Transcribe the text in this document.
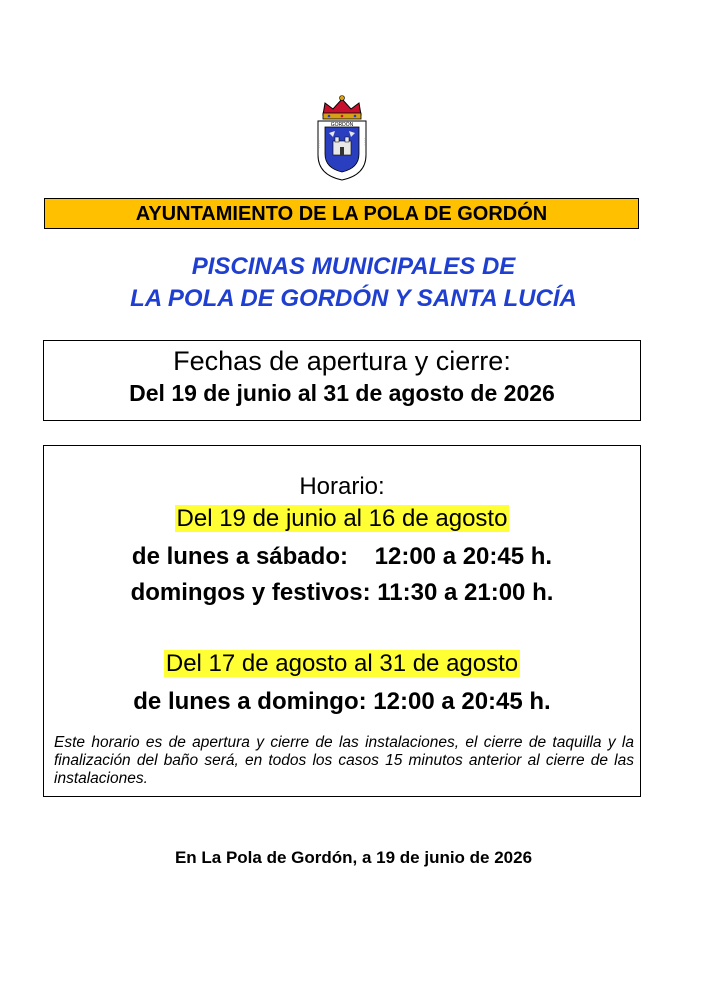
GORDÓN
· · · ·	· · · ·
AYUNTAMIENTO DE LA POLA DE GORDÓN
PISCINAS MUNICIPALES DE
LA POLA DE GORDÓN Y SANTA LUCÍA
Fechas de apertura y cierre:
Del 19 de junio al 31 de agosto de 2026
Horario:
Del 19 de junio al 16 de agosto
de lunes a sábado:    12:00 a 20:45 h.
domingos y festivos: 11:30 a 21:00 h.
Del 17 de agosto al 31 de agosto
de lunes a domingo: 12:00 a 20:45 h.
Este horario es de apertura y cierre de las instalaciones, el cierre de taquilla y la finalización del baño será, en todos los casos 15 minutos anterior al cierre de las instalaciones.
En La Pola de Gordón, a 19 de junio de 2026
